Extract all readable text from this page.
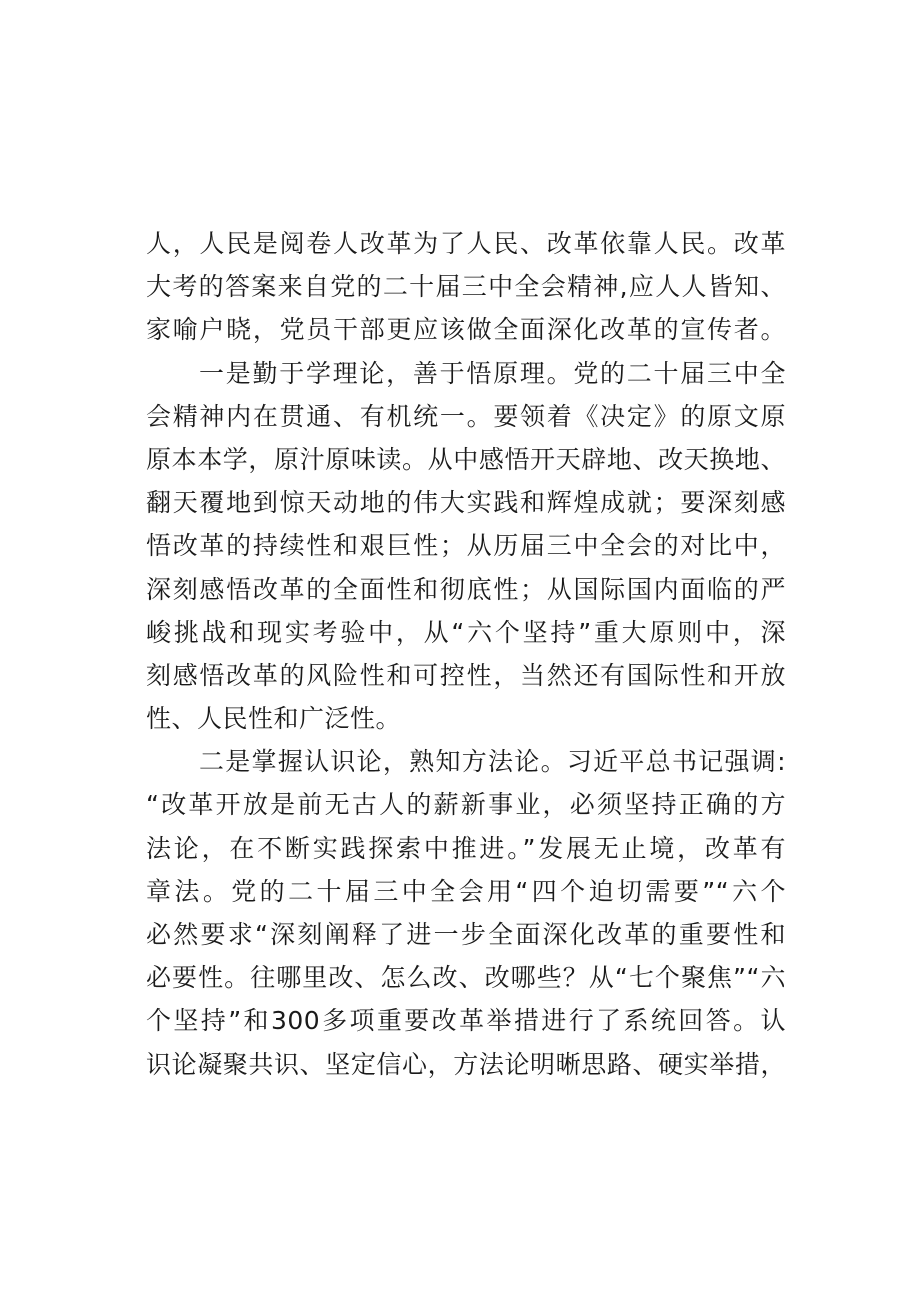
人，人民是阅卷人改革为了人民、改革依靠人民。改革
大考的答案来自党的二十届三中全会精神,应人人皆知、
家喻户晓，党员干部更应该做全面深化改革的宣传者。
一是勤于学理论，善于悟原理。党的二十届三中全
会精神内在贯通、有机统一。要领着《决定》的原文原
原本本学，原汁原味读。从中感悟开天辟地、改天换地、
翻天覆地到惊天动地的伟大实践和辉煌成就；要深刻感
悟改革的持续性和艰巨性；从历届三中全会的对比中，
深刻感悟改革的全面性和彻底性；从国际国内面临的严
峻挑战和现实考验中，从“六个坚持”重大原则中，深
刻感悟改革的风险性和可控性，当然还有国际性和开放
性、人民性和广泛性。
二是掌握认识论，熟知方法论。习近平总书记强调:
“改革开放是前无古人的薪新事业，必须坚持正确的方
法论，在不断实践探索中推进。”发展无止境，改革有
章法。党的二十届三中全会用“四个迫切需要”“六个
必然要求“深刻阐释了进一步全面深化改革的重要性和
必要性。往哪里改、怎么改、改哪些？从“七个聚焦”“六
个坚持”和300多项重要改革举措进行了系统回答。认
识论凝聚共识、坚定信心，方法论明晰思路、硬实举措，
